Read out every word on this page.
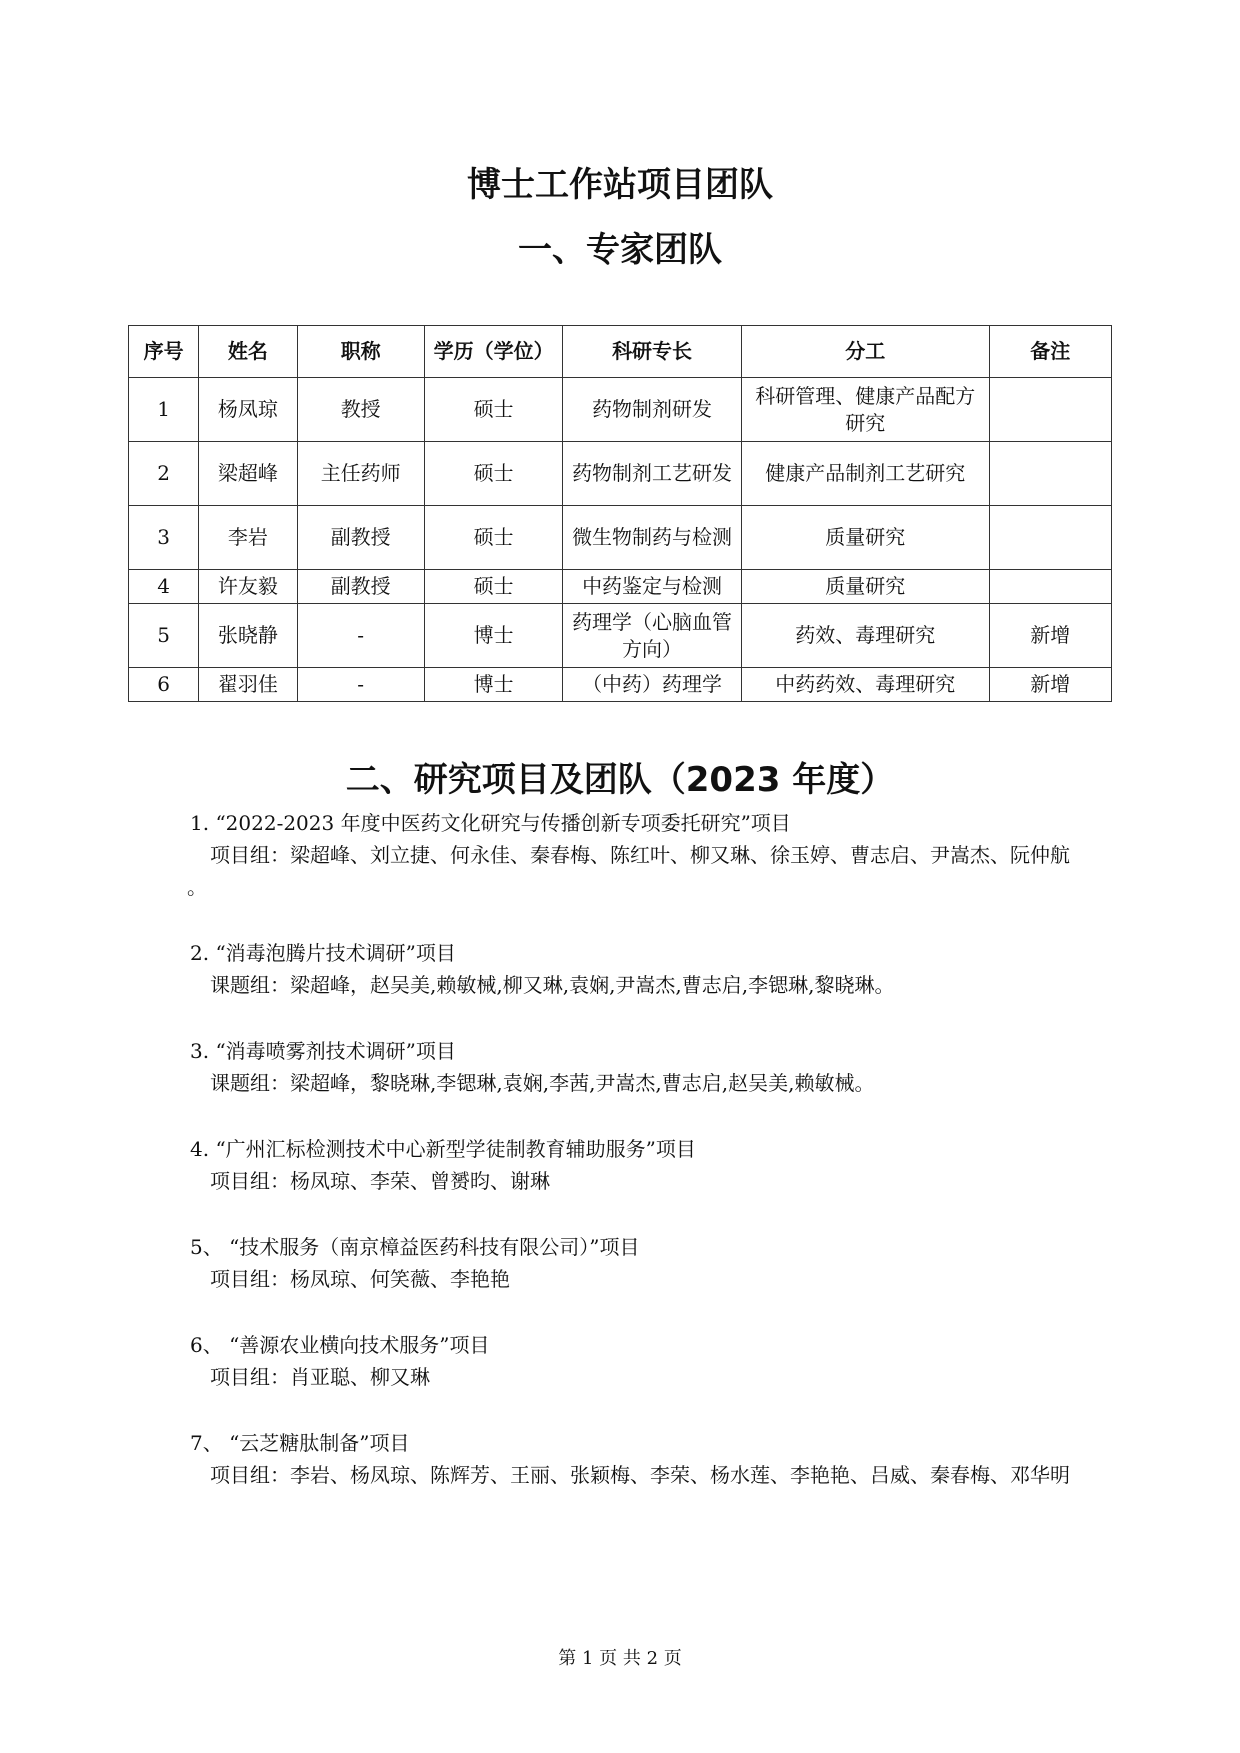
博士工作站项目团队
一、专家团队
序号	姓名	职称	学历（学位）	科研专长	分工	备注
1	杨凤琼	教授	硕士	药物制剂研发	科研管理、健康产品配方研究	
2	梁超峰	主任药师	硕士	药物制剂工艺研发	健康产品制剂工艺研究	
3	李岩	副教授	硕士	微生物制药与检测	质量研究	
4	许友毅	副教授	硕士	中药鉴定与检测	质量研究	
5	张晓静	-	博士	药理学（心脑血管方向）	药效、毒理研究	新增
6	翟羽佳	-	博士	（中药）药理学	中药药效、毒理研究	新增
二、研究项目及团队（2023 年度）
1. “2022-2023 年度中医药文化研究与传播创新专项委托研究”项目
项目组：梁超峰、刘立捷、何永佳、秦春梅、陈红叶、柳又琳、徐玉婷、曹志启、尹嵩杰、阮仲航 。
2. “消毒泡腾片技术调研”项目
课题组：梁超峰，赵吴美,赖敏械,柳又琳,袁娴,尹嵩杰,曹志启,李锶琳,黎晓琳。
3. “消毒喷雾剂技术调研”项目
课题组：梁超峰，黎晓琳,李锶琳,袁娴,李茜,尹嵩杰,曹志启,赵吴美,赖敏械。
4. “广州汇标检测技术中心新型学徒制教育辅助服务”项目
项目组：杨凤琼、李荣、曾赟昀、谢琳
5、 “技术服务（南京樟益医药科技有限公司）”项目
项目组：杨凤琼、何笑薇、李艳艳
6、 “善源农业横向技术服务”项目
项目组：肖亚聪、柳又琳
7、 “云芝糖肽制备”项目
项目组：李岩、杨凤琼、陈辉芳、王丽、张颖梅、李荣、杨水莲、李艳艳、吕威、秦春梅、邓华明
第 1 页 共 2 页
